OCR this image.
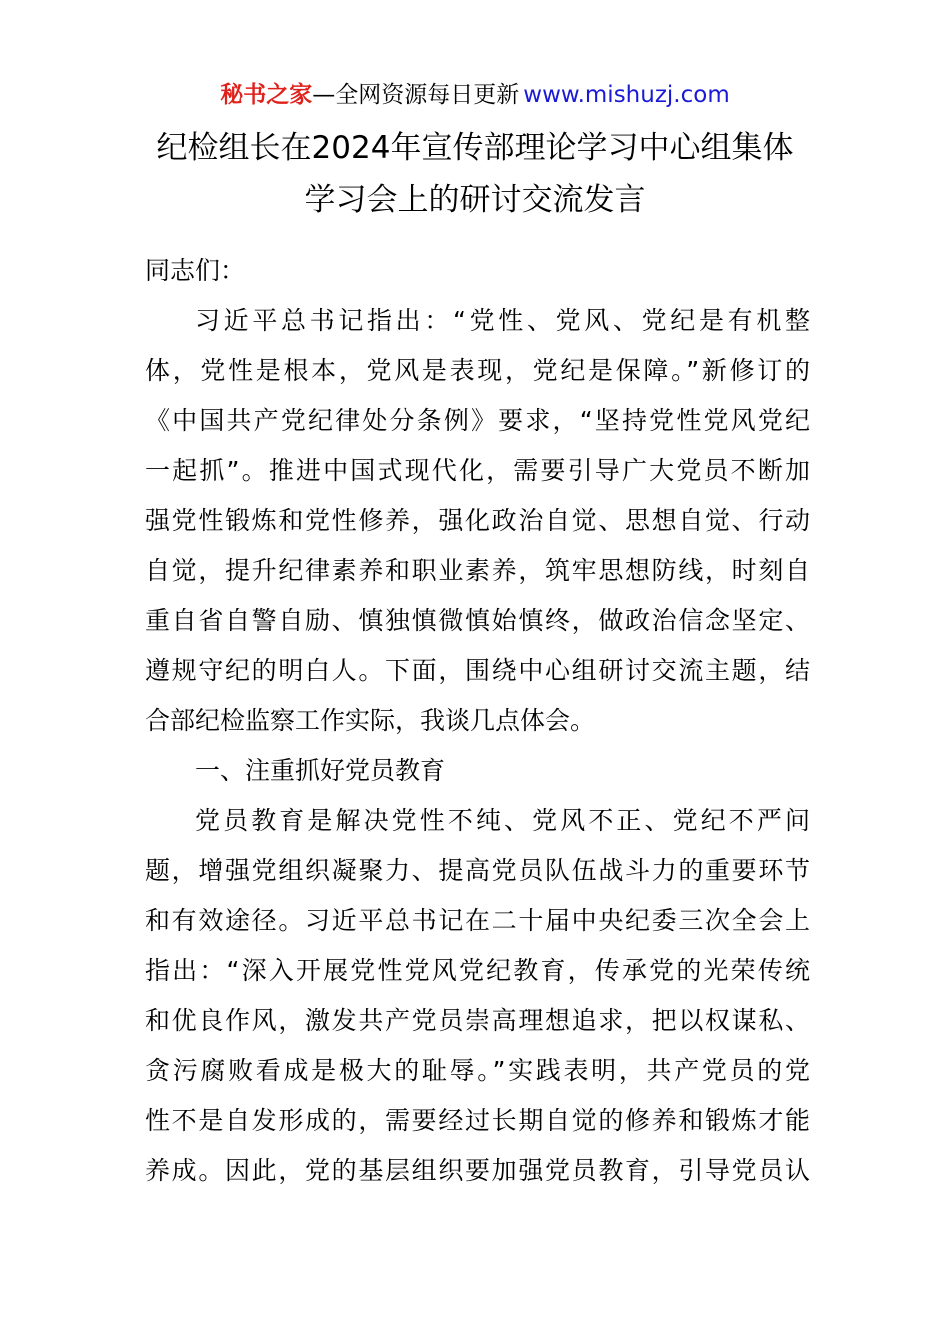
秘书之家—全网资源每日更新 www.mishuzj.com
纪检组长在2024年宣传部理论学习中心组集体
学习会上的研讨交流发言
同志们：
习近平总书记指出：“党性、党风、党纪是有机整
体，党性是根本，党风是表现，党纪是保障。”新修订的
《中国共产党纪律处分条例》要求，“坚持党性党风党纪
一起抓”。推进中国式现代化，需要引导广大党员不断加
强党性锻炼和党性修养，强化政治自觉、思想自觉、行动
自觉，提升纪律素养和职业素养，筑牢思想防线，时刻自
重自省自警自励、慎独慎微慎始慎终，做政治信念坚定、
遵规守纪的明白人。下面，围绕中心组研讨交流主题，结
合部纪检监察工作实际，我谈几点体会。
一、注重抓好党员教育
党员教育是解决党性不纯、党风不正、党纪不严问
题，增强党组织凝聚力、提高党员队伍战斗力的重要环节
和有效途径。习近平总书记在二十届中央纪委三次全会上
指出：“深入开展党性党风党纪教育，传承党的光荣传统
和优良作风，激发共产党员崇高理想追求，把以权谋私、
贪污腐败看成是极大的耻辱。”实践表明，共产党员的党
性不是自发形成的，需要经过长期自觉的修养和锻炼才能
养成。因此，党的基层组织要加强党员教育，引导党员认
